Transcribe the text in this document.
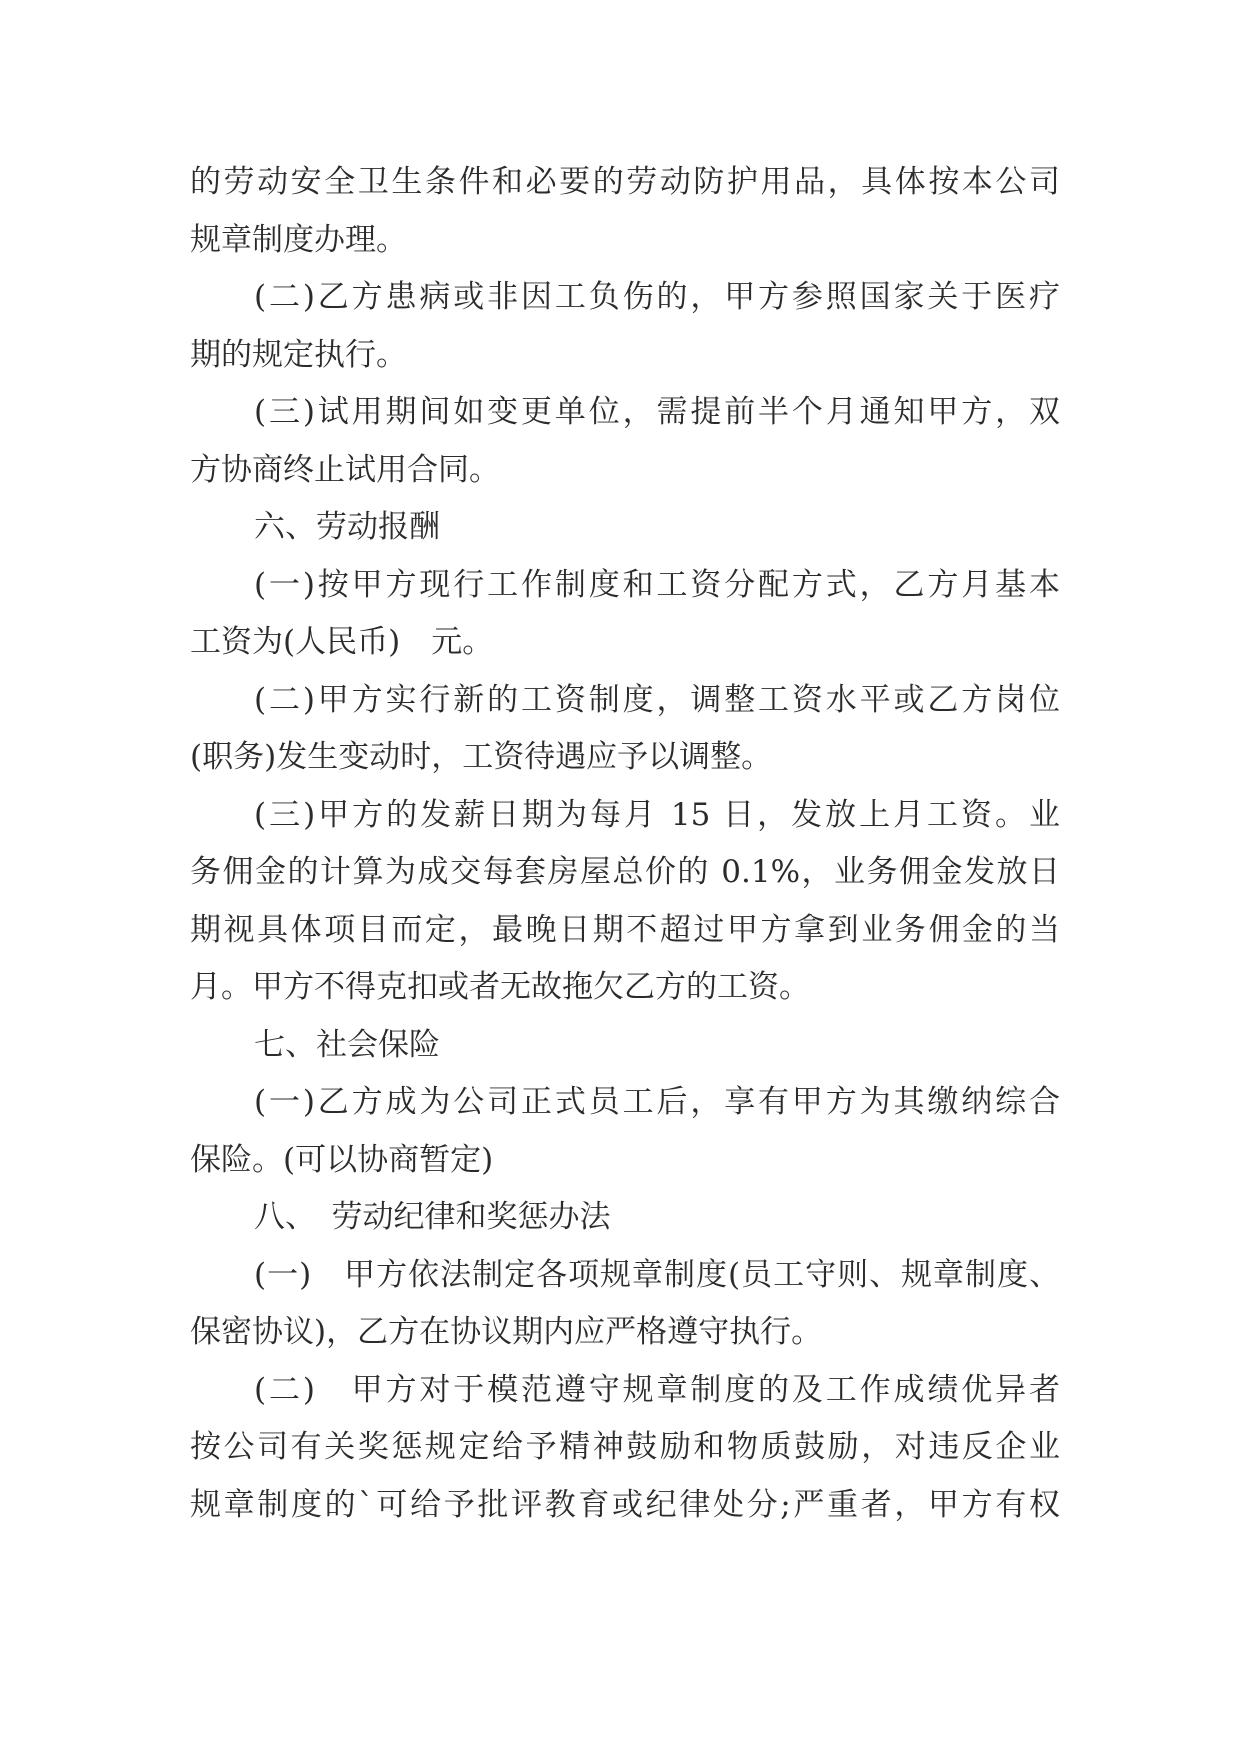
的劳动安全卫生条件和必要的劳动防护用品，具体按本公司
规章制度办理。
(二)乙方患病或非因工负伤的，甲方参照国家关于医疗
期的规定执行。
(三)试用期间如变更单位，需提前半个月通知甲方，双
方协商终止试用合同。
六、劳动报酬
(一)按甲方现行工作制度和工资分配方式，乙方月基本
工资为(人民币)　元。
(二)甲方实行新的工资制度，调整工资水平或乙方岗位
(职务)发生变动时，工资待遇应予以调整。
(三)甲方的发薪日期为每月 15 日，发放上月工资。业
务佣金的计算为成交每套房屋总价的 0.1%，业务佣金发放日
期视具体项目而定，最晚日期不超过甲方拿到业务佣金的当
月。甲方不得克扣或者无故拖欠乙方的工资。
七、社会保险
(一)乙方成为公司正式员工后，享有甲方为其缴纳综合
保险。(可以协商暂定)
八、　劳动纪律和奖惩办法
(一)　甲方依法制定各项规章制度(员工守则、规章制度、
保密协议)，乙方在协议期内应严格遵守执行。
(二)　甲方对于模范遵守规章制度的及工作成绩优异者
按公司有关奖惩规定给予精神鼓励和物质鼓励，对违反企业
规章制度的`可给予批评教育或纪律处分;严重者，甲方有权
